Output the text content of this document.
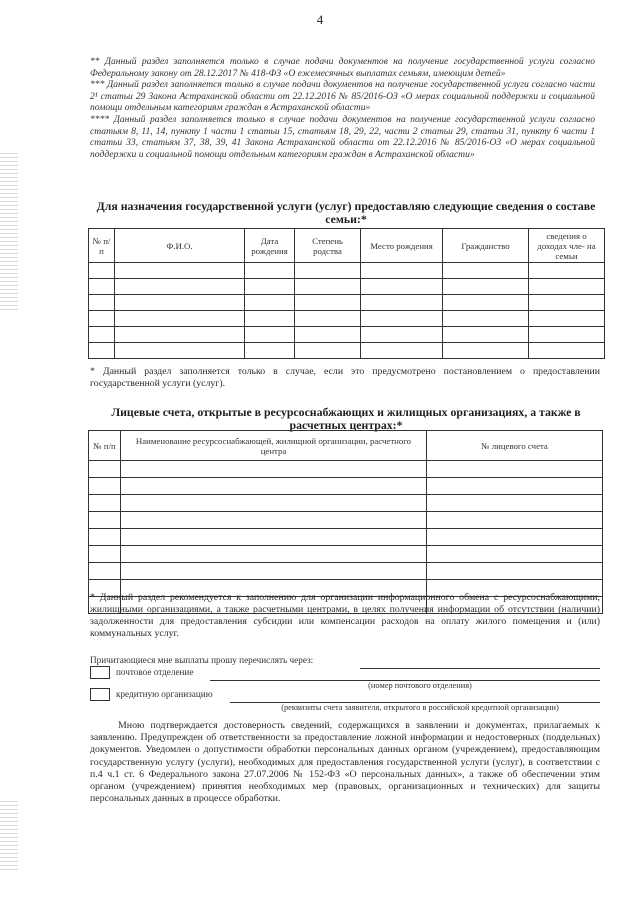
4

** Данный раздел заполняется только в случае подачи документов на получение государственной услуги согласно Федеральному закону от 28.12.2017 № 418-ФЗ «О ежемесячных выплатах семьям, имеющим детей»

*** Данный раздел заполняется только в случае подачи документов на получение государственной услуги согласно части 2¹ статьи 29 Закона Астраханской области от 22.12.2016 № 85/2016-ОЗ «О мерах социальной поддержки и социальной помощи отдельным категориям граждан в Астраханской области»

**** Данный раздел заполняется только в случае подачи документов на получение государственной услуги согласно статьям 8, 11, 14, пункту 1 части 1 статьи 15, статьям 18, 29, 22, части 2 статьи 29, статьи 31, пункту 6 части 1 статьи 33, статьям 37, 38, 39, 41 Закона Астраханской области от 22.12.2016 № 85/2016-ОЗ «О мерах социальной поддержки и социальной помощи отдельным категориям граждан в Астраханской области»

Для назначения государственной услуги (услуг) предоставляю следующие сведения о составе семьи:*
№ п/п	Ф.И.О.	Дата рождения	Степень родства	Место рождения	Гражданство	сведения о доходах чле- на семьи

* Данный раздел заполняется только в случае, если это предусмотрено постановлением о предоставлении государственной услуги (услуг).
Лицевые счета, открытые в ресурсоснабжающих и жилищных организациях, а также в расчетных центрах:*
№ п/п	Наименование ресурсоснабжающей, жилищной организации, расчетного центра	№ лицевого счета

* Данный раздел рекомендуется к заполнению для организации информационного обмена с ресурсоснабжающими, жилищными организациями, а также расчетными центрами, в целях получения информации об отсутствии (наличии) задолженности для предоставления субсидии или компенсации расходов на оплату жилого помещения и (или) коммунальных услуг.
Причитающиеся мне выплаты прошу перечислять через:
почтовое отделение
(номер почтового отделения)
кредитную организацию
(реквизиты счета заявителя, открытого в российской кредитной организации)

Мною подтверждается достоверность сведений, содержащихся в заявлении и документах, прилагаемых к заявлению. Предупрежден об ответственности за предоставление ложной информации и недостоверных (поддельных) документов. Уведомлен о допустимости обработки персональных данных органом (учреждением), предоставляющим государственную услугу (услуги), необходимых для предоставления государственной услуги (услуг), в соответствии с п.4 ч.1 ст. 6 Федерального закона 27.07.2006 № 152-ФЗ «О персональных данных», а также об обеспечении этим органом (учреждением) принятия необходимых мер (правовых, организационных и технических) для защиты персональных данных в процессе обработки.
